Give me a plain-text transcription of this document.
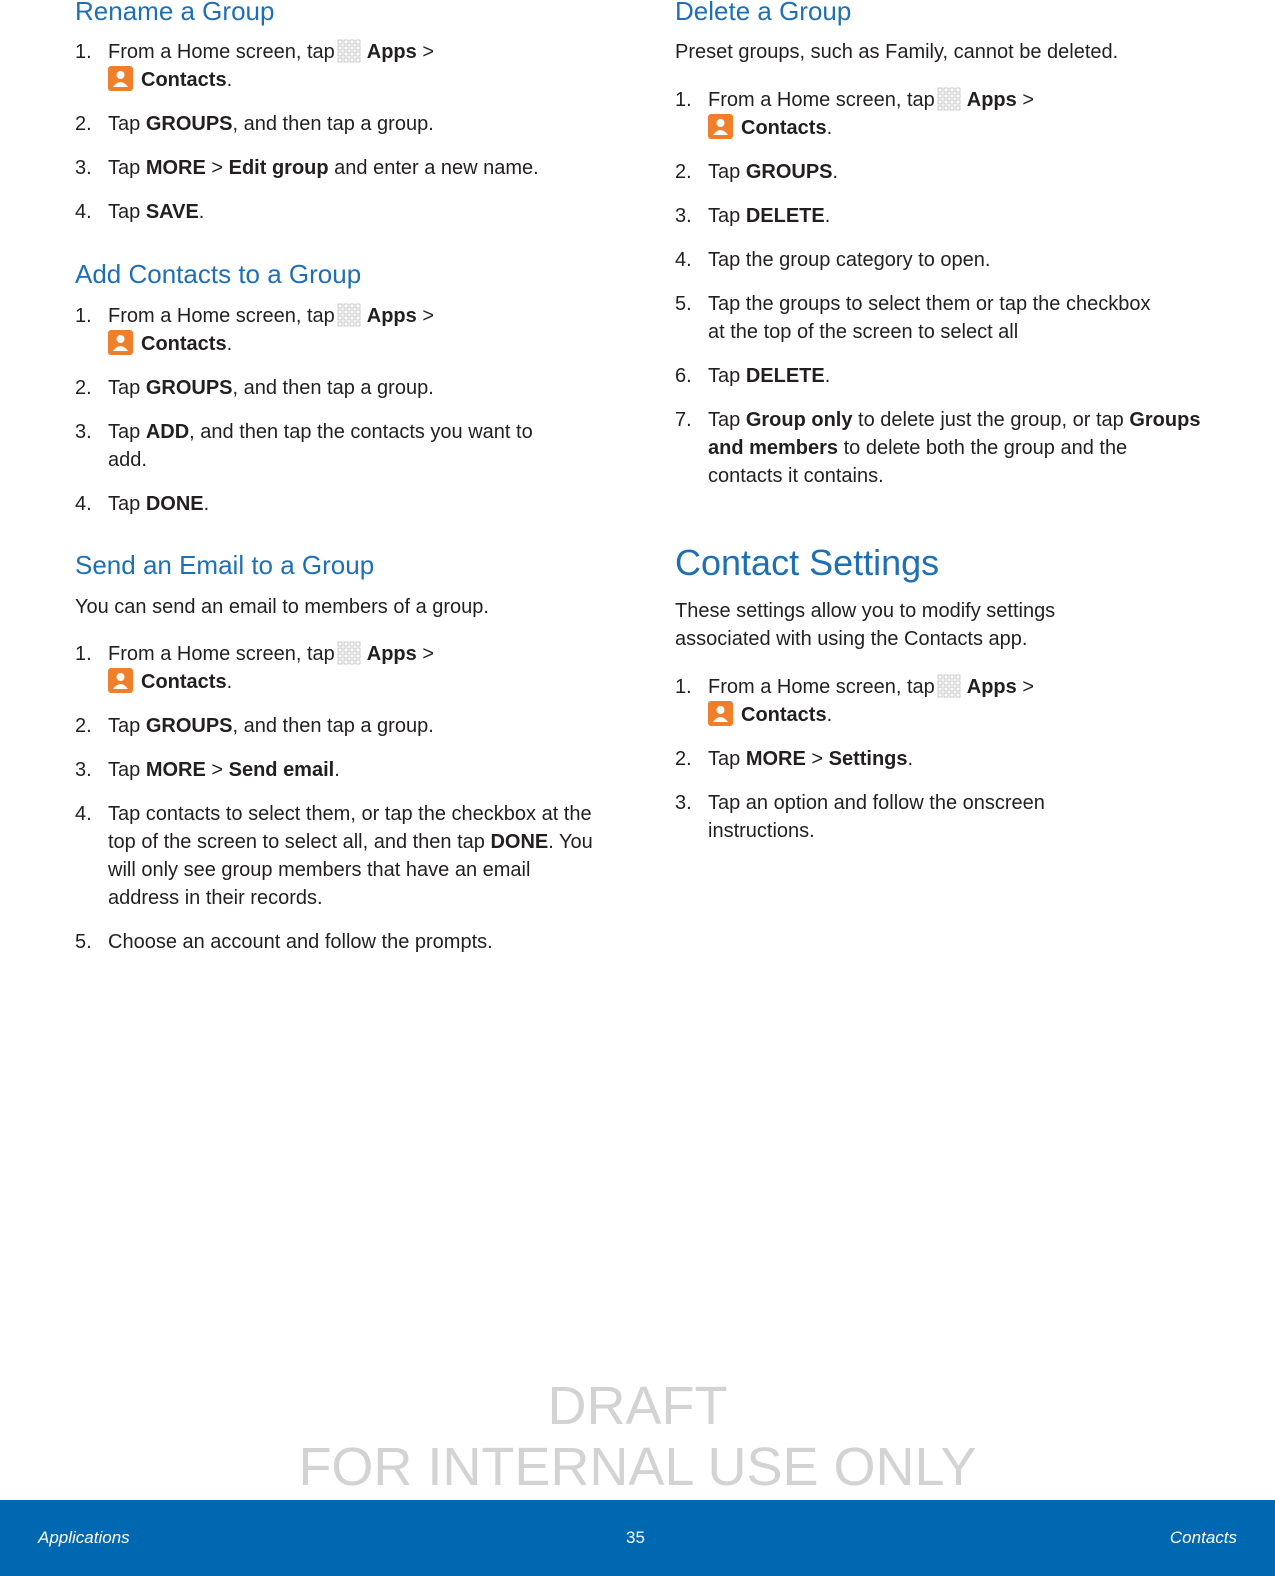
Rename a Group
1. From a Home screen, tap Apps >
Contacts.
2. Tap GROUPS, and then tap a group.
3. Tap MORE > Edit group and enter a new name.
4. Tap SAVE.
Add Contacts to a Group
1. From a Home screen, tap Apps >
Contacts.
2. Tap GROUPS, and then tap a group.
3. Tap ADD, and then tap the contacts you want to add.
4. Tap DONE.
Send an Email to a Group

You can send an email to members of a group.

1. From a Home screen, tap Apps >
Contacts.
2. Tap GROUPS, and then tap a group.
3. Tap MORE > Send email.
4. Tap contacts to select them, or tap the checkbox at the top of the screen to select all, and then tap DONE. You will only see group members that have an email address in their records.
5. Choose an account and follow the prompts.
Delete a Group

Preset groups, such as Family, cannot be deleted.

1. From a Home screen, tap Apps >
Contacts.
2. Tap GROUPS.
3. Tap DELETE.
4. Tap the group category to open.
5. Tap the groups to select them or tap the checkbox at the top of the screen to select all
6. Tap DELETE.
7. Tap Group only to delete just the group, or tap Groups and members to delete both the group and the contacts it contains.
Contact Settings

These settings allow you to modify settings associated with using the Contacts app.

1. From a Home screen, tap Apps >
Contacts.
2. Tap MORE > Settings.
3. Tap an option and follow the onscreen instructions.
DRAFT
FOR INTERNAL USE ONLY
Applications	35	Contacts
